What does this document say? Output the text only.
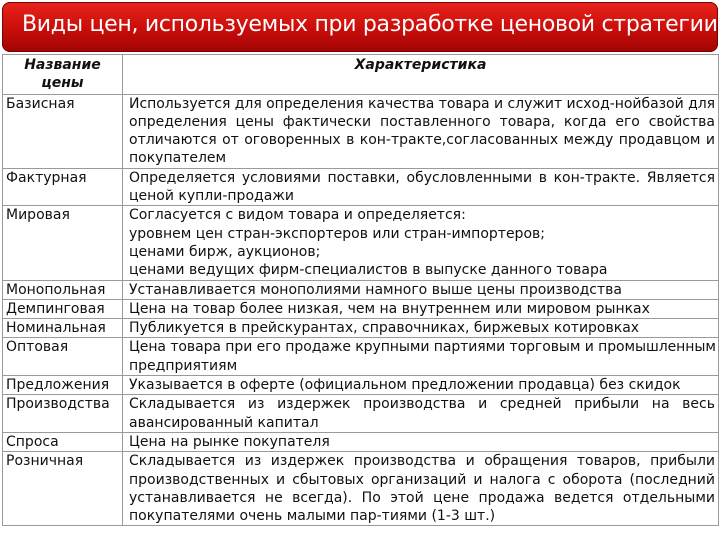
Виды цен, используемых при разработке ценовой стратегии
Название
цены	Характеристика
Базисная	Используется для определения качества товара и служит исход-нойбазой для
определения цены фактически поставленного товара, когда его свойства
отличаются от оговоренных в кон-тракте,согласованных между продавцом и
покупателем

Фактурная	Определяется условиями поставки, обусловленными в кон-тракте. Является
ценой купли-продажи

Мировая	Согласуется с видом товара и определяется:
уровнем цен стран-экспортеров или стран-импортеров;
ценами бирж, аукционов;
ценами ведущих фирм-специалистов в выпуске данного товара

Монопольная	Устанавливается монополиями намного выше цены производства

Демпинговая	Цена на товар более низкая, чем на внутреннем или мировом рынках

Номинальная	Публикуется в прейскурантах, справочниках, биржевых котировках

Оптовая	Цена товара при его продаже крупными партиями торговым и промышленным
предприятиям

Предложения	Указывается в оферте (официальном предложении продавца) без скидок

Производства	Складывается из издержек производства и средней прибыли на весь
авансированный капитал

Спроса	Цена на рынке покупателя

Розничная	Складывается из издержек производства и обращения товаров, прибыли
производственных и сбытовых организаций и налога с оборота (последний
устанавливается не всегда). По этой цене продажа ведется отдельными
покупателями очень малыми пар-тиями (1-3 шт.)
